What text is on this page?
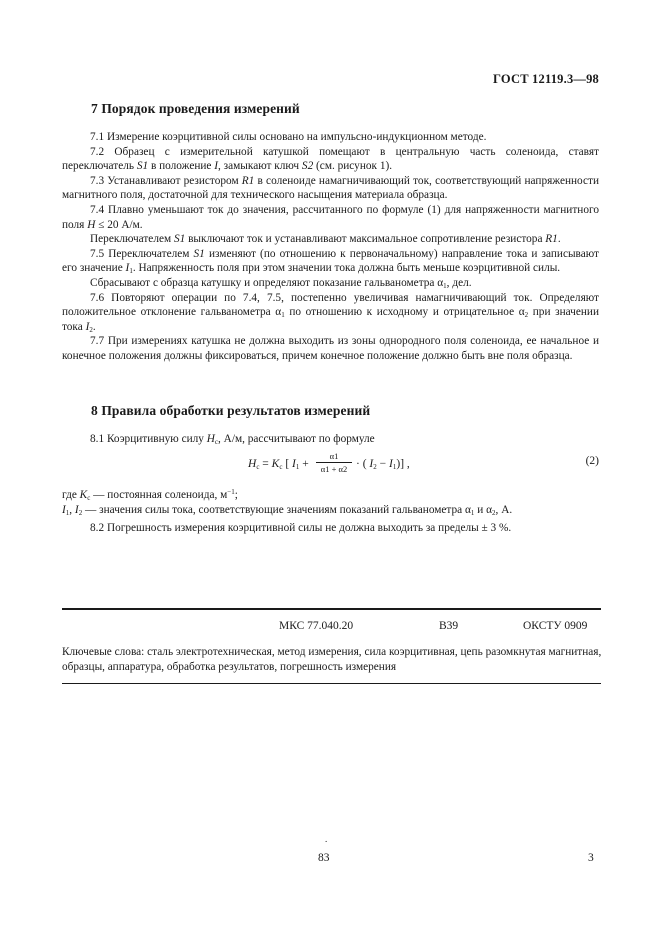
ГОСТ 12119.3—98
7 Порядок проведения измерений

7.1 Измерение коэрцитивной силы основано на импульсно-индукционном методе.

7.2 Образец с измерительной катушкой помещают в центральную часть соленоида, ставят переключатель S1 в положение I, замыкают ключ S2 (см. рисунок 1).

7.3 Устанавливают резистором R1 в соленоиде намагничивающий ток, соответствующий напряженности магнитного поля, достаточной для технического насыщения материала образца.

7.4 Плавно уменьшают ток до значения, рассчитанного по формуле (1) для напряженности магнитного поля H ≤ 20 А/м.

Переключателем S1 выключают ток и устанавливают максимальное сопротивление резистора R1.

7.5 Переключателем S1 изменяют (по отношению к первоначальному) направление тока и записывают его значение $I_1$. Напряженность поля при этом значении тока должна быть меньше коэрцитивной силы.

Сбрасывают с образца катушку и определяют показание гальванометра $\alpha_1$, дел.

7.6 Повторяют операции по 7.4, 7.5, постепенно увеличивая намагничивающий ток. Определяют положительное отклонение гальванометра $\alpha_1$ по отношению к исходному и отрицательное $\alpha_2$ при значении тока $I_2$.

7.7 При измерениях катушка не должна выходить из зоны однородного поля соленоида, ее начальное и конечное положения должны фиксироваться, причем конечное положение должно быть вне поля образца.

8 Правила обработки результатов измерений

8.1 Коэрцитивную силу $H_c$, А/м, рассчитывают по формуле

$H_c = K_c$ [ $I_1$ +
α1
α1 + α2 · ( $I_2 - I_1$)] ,	(2)
где $K_c$ — постоянная соленоида, $м^{-1}$;
$I_1$, $I_2$ — значения силы тока, соответствующие значениям показаний гальванометра $\alpha_1$ и $\alpha_2$, А.
8.2 Погрешность измерения коэрцитивной силы не должна выходить за пределы ± 3 %.
МКС 77.040.20	В39	ОКСТУ 0909
Ключевые слова: сталь электротехническая, метод измерения, сила коэрцитивная, цепь разомкнутая магнитная, образцы, аппаратура, обработка результатов, погрешность измерения
.
83	3
